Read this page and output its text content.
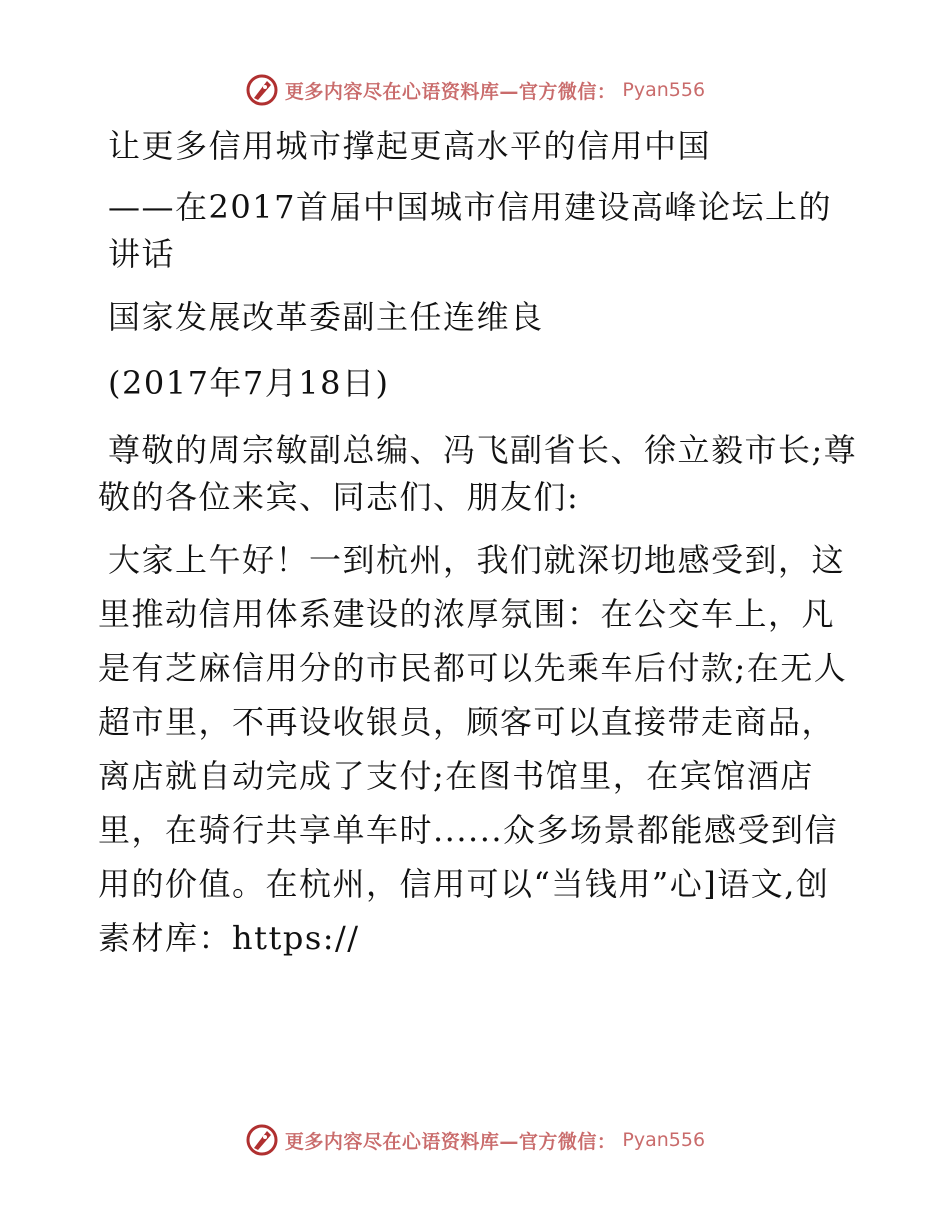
更多内容尽在心语资料库—官方微信： Pyan556

让更多信用城市撑起更高水平的信用中国

——在2017首届中国城市信用建设高峰论坛上的讲话

国家发展改革委副主任连维良

(2017年7月18日)

尊敬的周宗敏副总编、冯飞副省长、徐立毅市长;尊敬的各位来宾、同志们、朋友们:

大家上午好！一到杭州，我们就深切地感受到，这里推动信用体系建设的浓厚氛围：在公交车上，凡是有芝麻信用分的市民都可以先乘车后付款;在无人超市里，不再设收银员，顾客可以直接带走商品，离店就自动完成了支付;在图书馆里，在宾馆酒店里，在骑行共享单车时......众多场景都能感受到信用的价值。在杭州，信用可以“当钱用”心]语文,创素材库：https://

更多内容尽在心语资料库—官方微信： Pyan556
